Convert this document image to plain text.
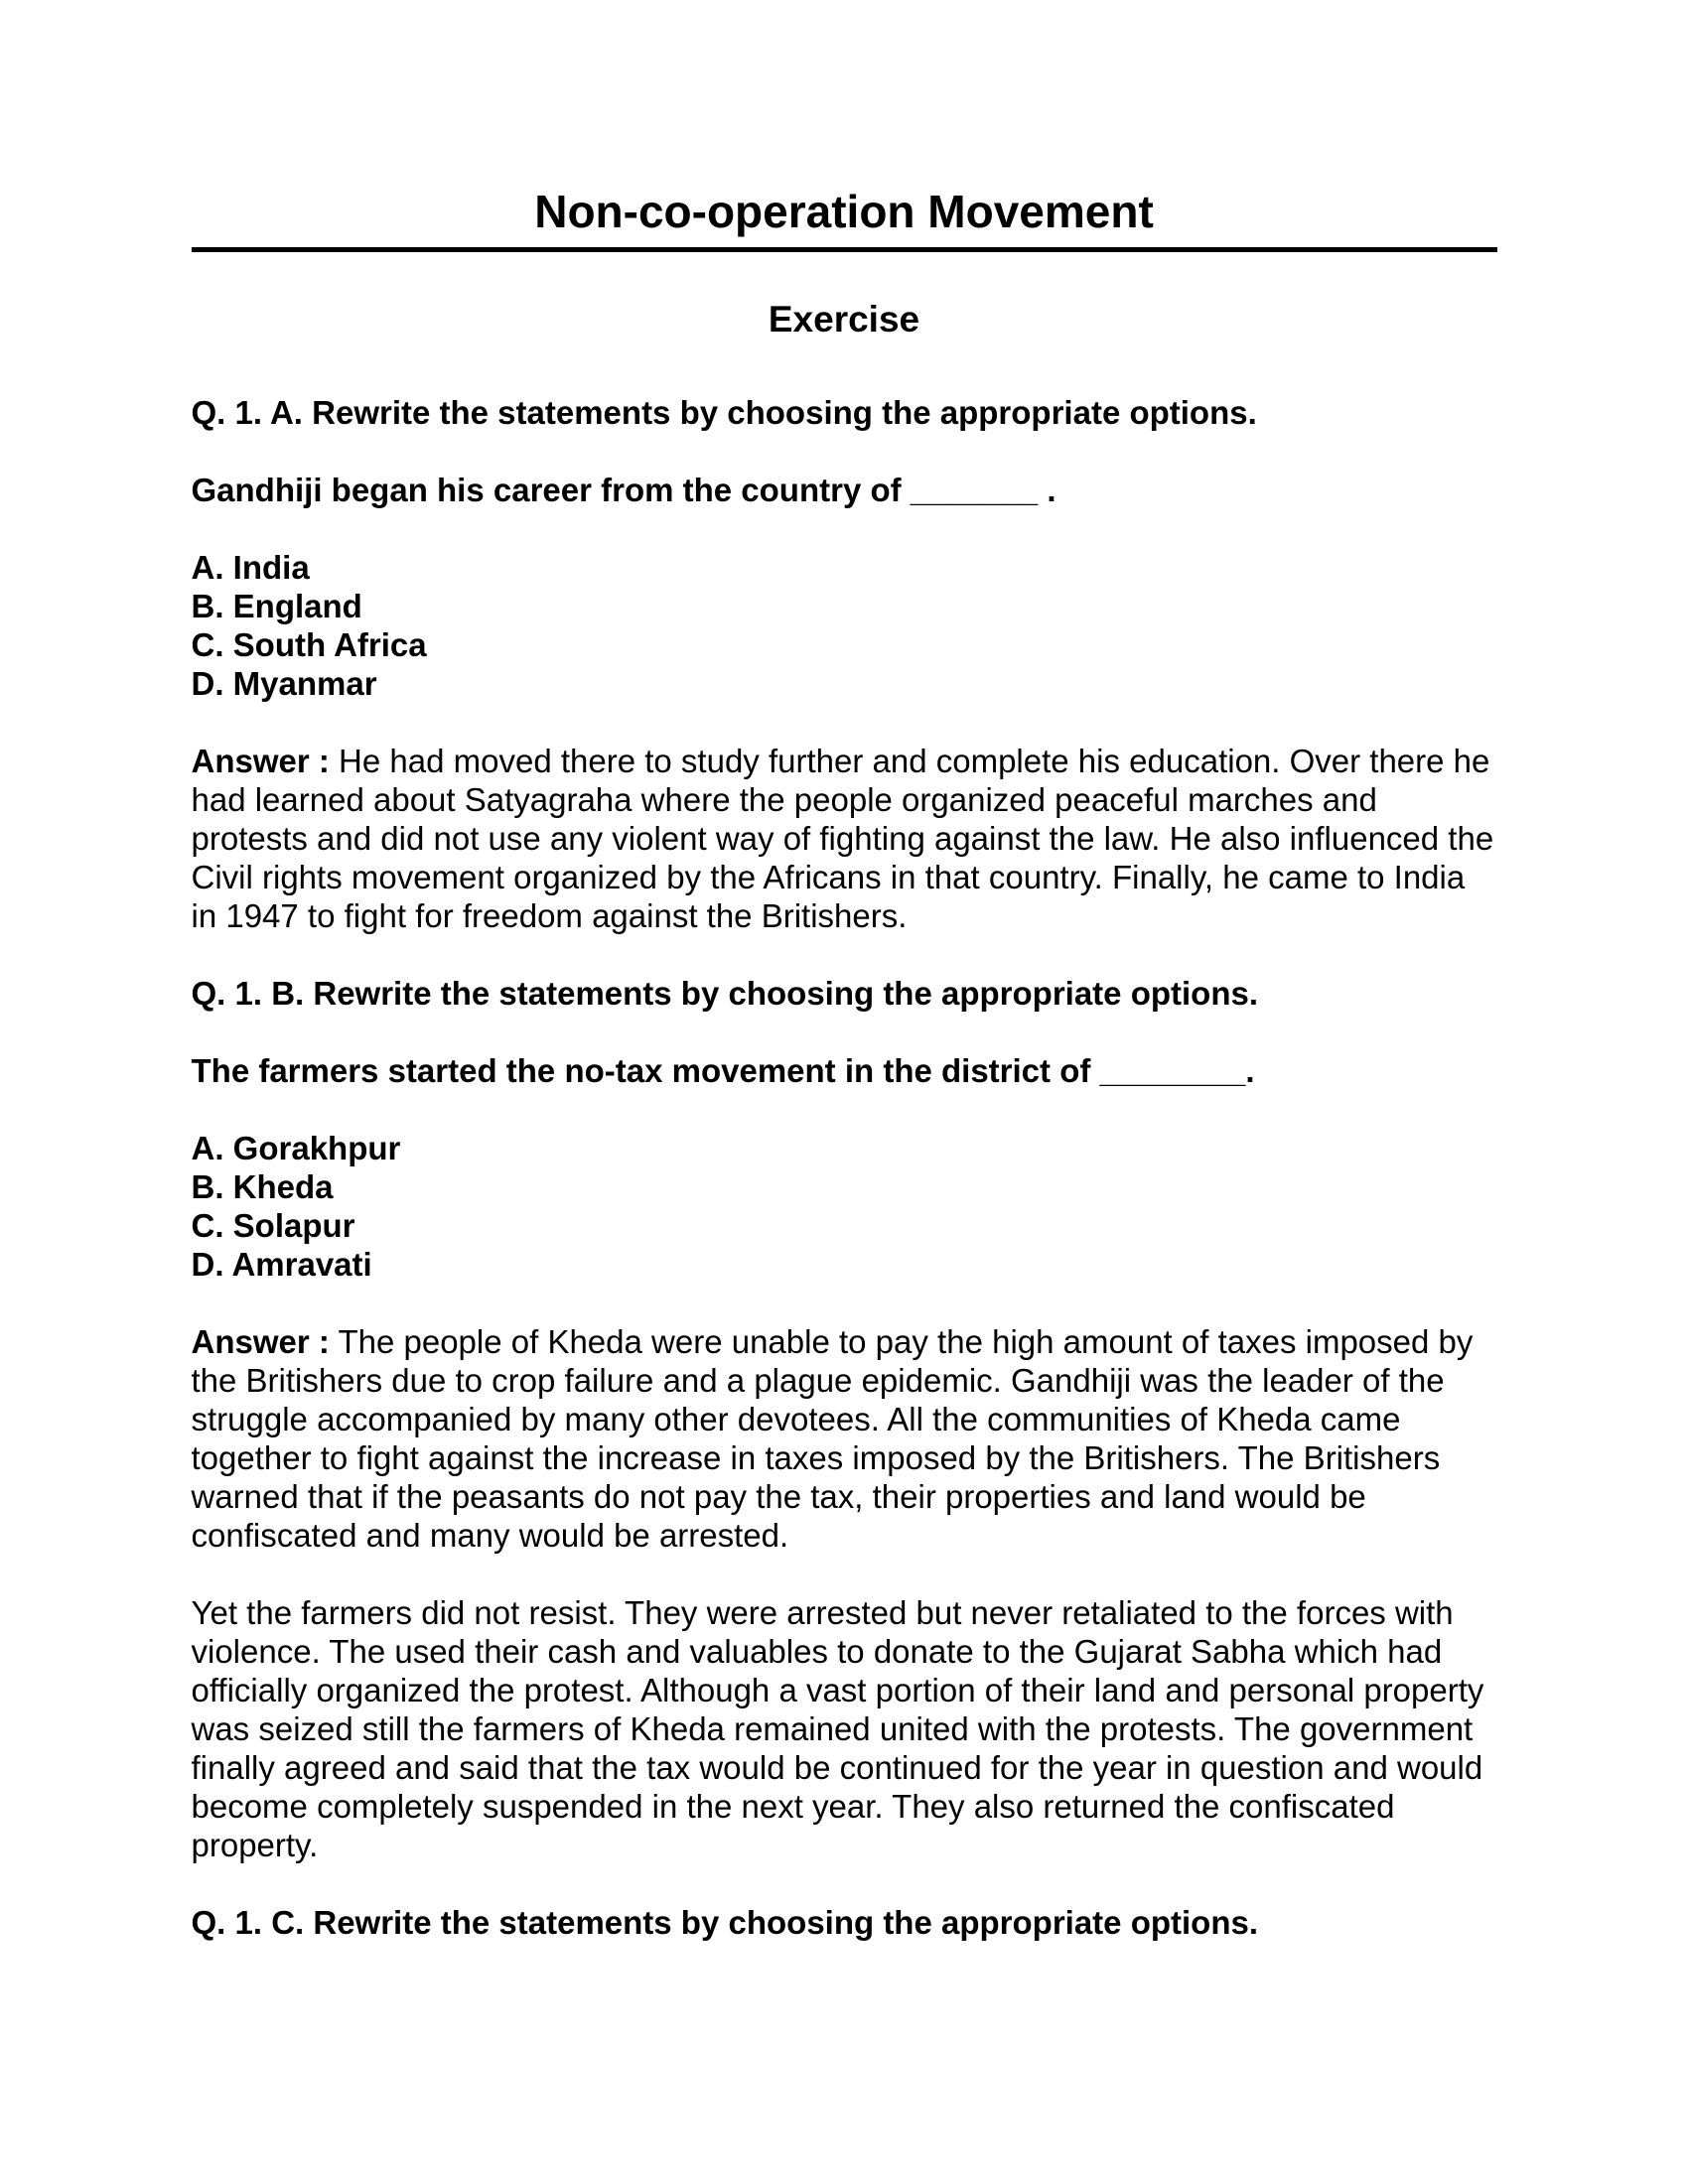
Non-co-operation Movement
Exercise
Q. 1. A. Rewrite the statements by choosing the appropriate options.
Gandhiji began his career from the country of _______ .
A. India
B. England
C. South Africa
D. Myanmar
Answer : He had moved there to study further and complete his education. Over there he had learned about Satyagraha where the people organized peaceful marches and protests and did not use any violent way of fighting against the law. He also influenced the Civil rights movement organized by the Africans in that country. Finally, he came to India in 1947 to fight for freedom against the Britishers.
Q. 1. B. Rewrite the statements by choosing the appropriate options.
The farmers started the no-tax movement in the district of ________.
A. Gorakhpur
B. Kheda
C. Solapur
D. Amravati
Answer : The people of Kheda were unable to pay the high amount of taxes imposed by the Britishers due to crop failure and a plague epidemic. Gandhiji was the leader of the struggle accompanied by many other devotees. All the communities of Kheda came together to fight against the increase in taxes imposed by the Britishers. The Britishers warned that if the peasants do not pay the tax, their properties and land would be confiscated and many would be arrested.
Yet the farmers did not resist. They were arrested but never retaliated to the forces with violence. The used their cash and valuables to donate to the Gujarat Sabha which had officially organized the protest. Although a vast portion of their land and personal property was seized still the farmers of Kheda remained united with the protests. The government finally agreed and said that the tax would be continued for the year in question and would become completely suspended in the next year. They also returned the confiscated property.
Q. 1. C. Rewrite the statements by choosing the appropriate options.
